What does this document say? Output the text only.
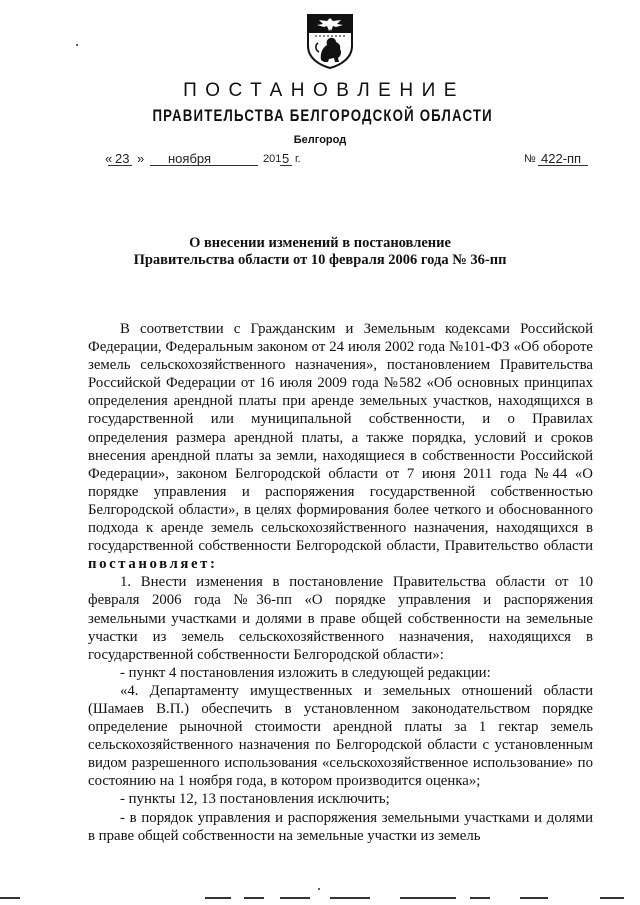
ПОСТАНОВЛЕНИЕ
ПРАВИТЕЛЬСТВА БЕЛГОРОДСКОЙ ОБЛАСТИ
Белгород
« 23 » ноября	201 5 г.	№ 422-пп
О внесении изменений в постановление
Правительства области от 10 февраля 2006 года № 36-пп

В соответствии с Гражданским и Земельным кодексами Российской Федерации, Федеральным законом от 24 июля 2002 года №101-ФЗ «Об обороте земель сельскохозяйственного назначения», постановлением Правительства Российской Федерации от 16 июля 2009 года №582 «Об основных принципах определения арендной платы при аренде земельных участков, находящихся в государственной или муниципальной собственности, и о Правилах определения размера арендной платы, а также порядка, условий и сроков внесения арендной платы за земли, находящиеся в собственности Российской Федерации», законом Белгородской области от 7 июня 2011 года №44 «О порядке управления и распоряжения государственной собственностью Белгородской области», в целях формирования более четкого и обоснованного подхода к аренде земель сельскохозяйственного назначения, находящихся в государственной собственности Белгородской области, Правительство области постановляет:

1. Внести изменения в постановление Правительства области от 10 февраля 2006 года №36-пп «О порядке управления и распоряжения земельными участками и долями в праве общей собственности на земельные участки из земель сельскохозяйственного назначения, находящихся в государственной собственности Белгородской области»:

- пункт 4 постановления изложить в следующей редакции:

«4. Департаменту имущественных и земельных отношений области (Шамаев В.П.) обеспечить в установленном законодательством порядке определение рыночной стоимости арендной платы за 1 гектар земель сельскохозяйственного назначения по Белгородской области с установленным видом разрешенного использования «сельскохозяйственное использование» по состоянию на 1 ноября года, в котором производится оценка»;

- пункты 12, 13 постановления исключить;

- в порядок управления и распоряжения земельными участками и долями в праве общей собственности на земельные участки из земель
